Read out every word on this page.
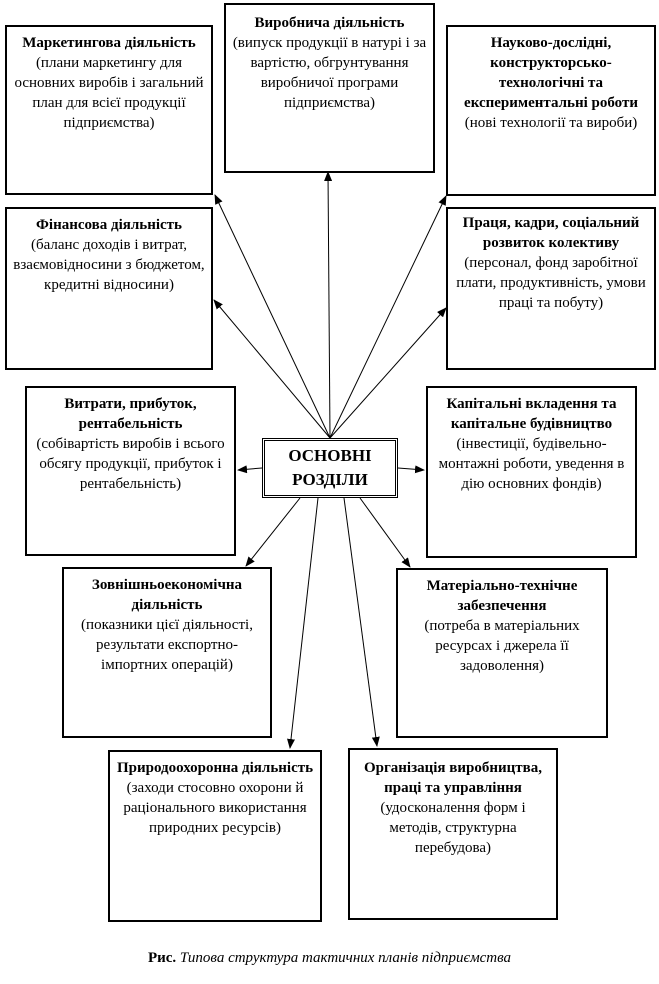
Маркетингова діяльність
(плани маркетингу для основних виробів і загальний план для всієї продукції підприємства)
Виробнича діяльність
(випуск продукції в натурі і за вартістю, обгрунтування виробничої програми підприємства)
Науково-дослідні, конструкторсько-технологічні та експериментальні роботи
(нові технології та вироби)
Фінансова діяльність
(баланс доходів і витрат, взаємовідносини з бюджетом, кредитні відносини)
Праця, кадри, соціальний розвиток колективу
(персонал, фонд заробітної плати, продуктивність, умови праці та побуту)
Витрати, прибуток, рентабельність
(собівартість виробів і всього обсягу продукції, прибуток і рентабельність)
ОСНОВНІ РОЗДІЛИ
Капітальні вкладення та капітальне будівництво
(інвестиції, будівельно-монтажні роботи, уведення в дію основних фондів)
Зовнішньоекономічна діяльність
(показники цієї діяльності, результати експортно-імпортних операцій)
Матеріально-технічне забезпечення
(потреба в матеріальних ресурсах і джерела її задоволення)
Природоохоронна діяльність
(заходи стосовно охорони й раціонального використання природних ресурсів)
Організація виробництва, праці та управління
(удосконалення форм і методів, структурна перебудова)
Рис. Типова структура тактичних планів підприємства
